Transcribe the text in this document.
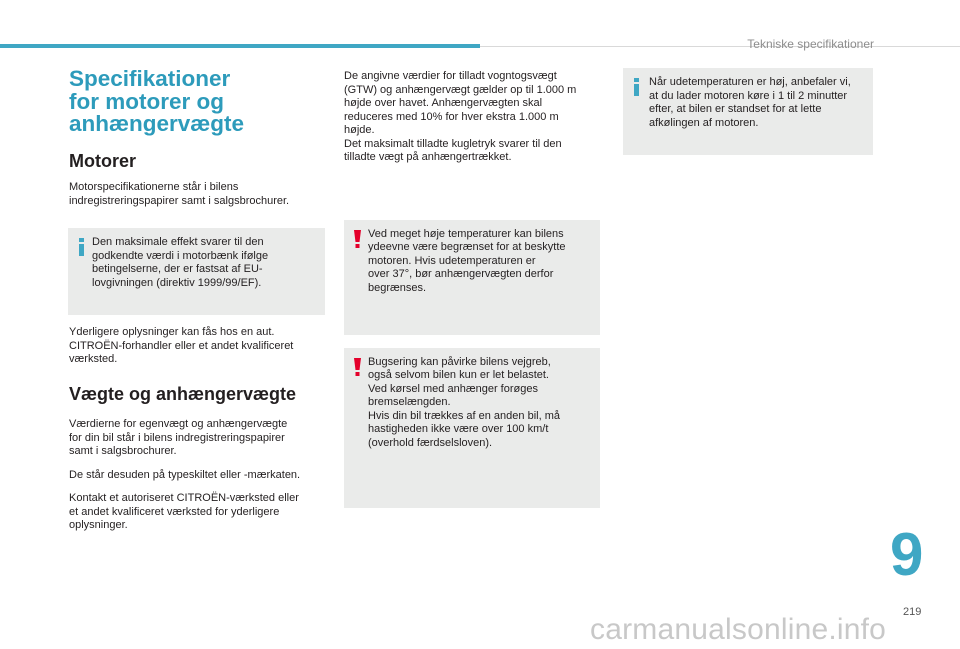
Tekniske specifikationer
Specifikationer
for motorer og
anhængervægte
Motorer

Motorspecifikationerne står i bilens
indregistreringspapirer samt i salgsbrochurer.

Den maksimale effekt svarer til den
godkendte værdi i motorbænk ifølge
betingelserne, der er fastsat af EU-
lovgivningen (direktiv 1999/99/EF).

Yderligere oplysninger kan fås hos en aut.
CITROËN-forhandler eller et andet kvalificeret
værksted.

Vægte og anhængervægte

Værdierne for egenvægt og anhængervægte
for din bil står i bilens indregistreringspapirer
samt i salgsbrochurer.

De står desuden på typeskiltet eller -mærkaten.

Kontakt et autoriseret CITROËN-værksted eller
et andet kvalificeret værksted for yderligere
oplysninger.

De angivne værdier for tilladt vogntogsvægt
(GTW) og anhængervægt gælder op til 1.000 m
højde over havet. Anhængervægten skal
reduceres med 10% for hver ekstra 1.000 m
højde.
Det maksimalt tilladte kugletryk svarer til den
tilladte vægt på anhængertrækket.

Ved meget høje temperaturer kan bilens
ydeevne være begrænset for at beskytte
motoren. Hvis udetemperaturen er
over 37°, bør anhængervægten derfor
begrænses.
Bugsering kan påvirke bilens vejgreb,
også selvom bilen kun er let belastet.
Ved kørsel med anhænger forøges
bremselængden.
Hvis din bil trækkes af en anden bil, må
hastigheden ikke være over 100 km/t
(overhold færdselsloven).
Når udetemperaturen er høj, anbefaler vi,
at du lader motoren køre i 1 til 2 minutter
efter, at bilen er standset for at lette
afkølingen af motoren.
9
219
carmanualsonline.info
